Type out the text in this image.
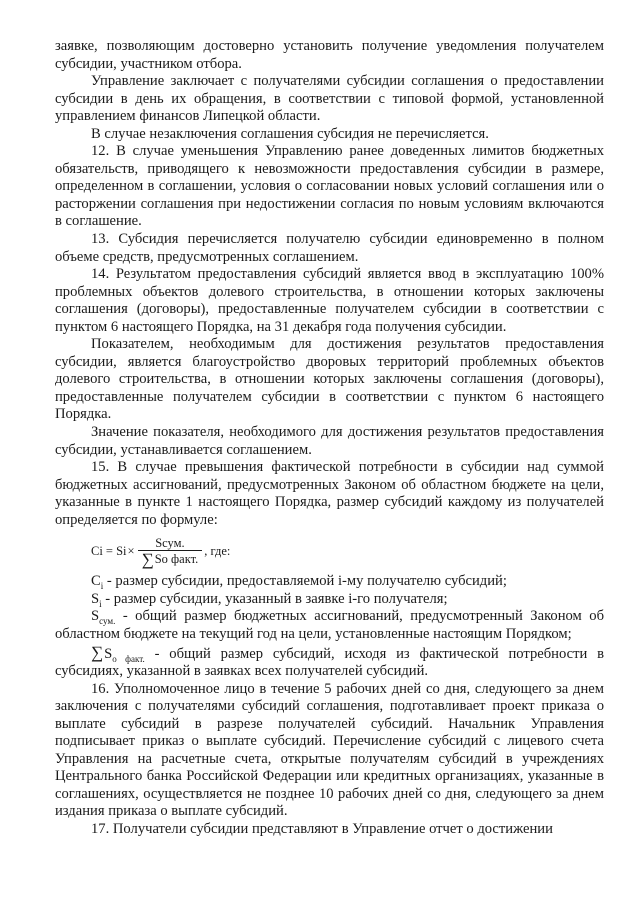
заявке, позволяющим достоверно установить получение уведомления получателем субсидии, участником отбора.

Управление заключает с получателями субсидии соглашения о предоставлении субсидии в день их обращения, в соответствии с типовой формой, установленной управлением финансов Липецкой области.

В случае незаключения соглашения субсидия не перечисляется.

12. В случае уменьшения Управлению ранее доведенных лимитов бюджетных обязательств, приводящего к невозможности предоставления субсидии в размере, определенном в соглашении, условия о согласовании новых условий соглашения или о расторжении соглашения при недостижении согласия по новым условиям включаются в соглашение.

13. Субсидия перечисляется получателю субсидии единовременно в полном объеме средств, предусмотренных соглашением.

14. Результатом предоставления субсидий является ввод в эксплуатацию 100% проблемных объектов долевого строительства, в отношении которых заключены соглашения (договоры), предоставленные получателем субсидии в соответствии с пунктом 6 настоящего Порядка, на 31 декабря года получения субсидии.

Показателем, необходимым для достижения результатов предоставления субсидии, является благоустройство дворовых территорий проблемных объектов долевого строительства, в отношении которых заключены соглашения (договоры), предоставленные получателем субсидии в соответствии с пунктом 6 настоящего Порядка.

Значение показателя, необходимого для достижения результатов предоставления субсидии, устанавливается соглашением.

15. В случае превышения фактической потребности в субсидии над суммой бюджетных ассигнований, предусмотренных Законом об областном бюджете на цели, указанные в пункте 1 настоящего Порядка, размер субсидий каждому из получателей определяется по формуле:

$Ci = Si \times \frac{\text{Sсум.}}{\text{∑ So факт.}}$ , где:

$C_i$ - размер субсидии, предоставляемой i-му получателю субсидий;

$S_i$ - размер субсидии, указанный в заявке i-го получателя;

$S_{сум.}$ - общий размер бюджетных ассигнований, предусмотренный Законом об областном бюджете на текущий год на цели, установленные настоящим Порядком;

$\sum S_{o факт.}$ - общий размер субсидий, исходя из фактической потребности в субсидиях, указанной в заявках всех получателей субсидий.

16. Уполномоченное лицо в течение 5 рабочих дней со дня, следующего за днем заключения с получателями субсидий соглашения, подготавливает проект приказа о выплате субсидий в разрезе получателей субсидий. Начальник Управления подписывает приказ о выплате субсидий. Перечисление субсидий с лицевого счета Управления на расчетные счета, открытые получателям субсидий в учреждениях Центрального банка Российской Федерации или кредитных организациях, указанные в соглашениях, осуществляется не позднее 10 рабочих дней со дня, следующего за днем издания приказа о выплате субсидий.

17. Получатели субсидии представляют в Управление отчет о достижении
